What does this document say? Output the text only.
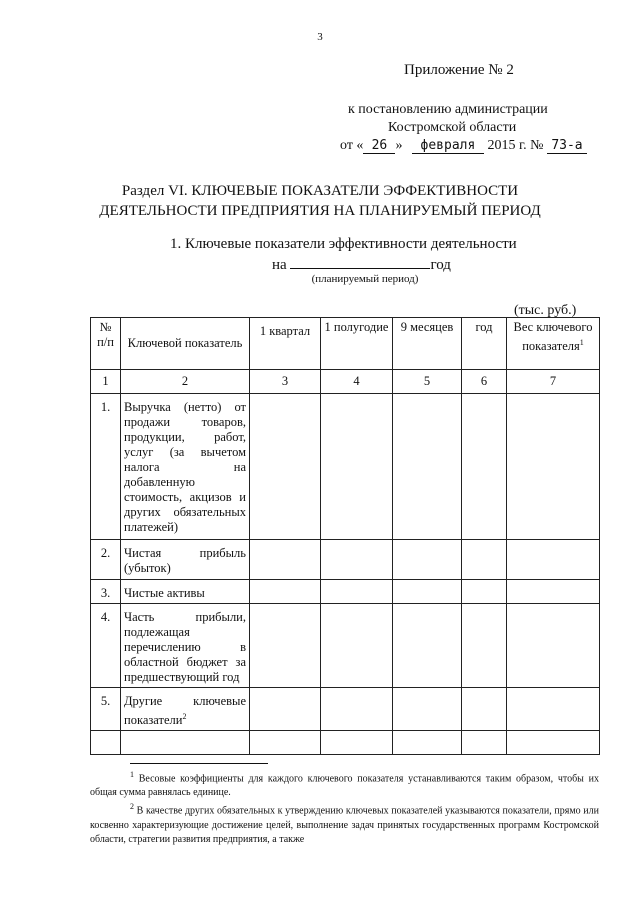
3
Приложение № 2
к постановлению администрации
Костромской области
от « 26 » февраля 2015 г. № 73-а
Раздел VI. КЛЮЧЕВЫЕ ПОКАЗАТЕЛИ ЭФФЕКТИВНОСТИ
ДЕЯТЕЛЬНОСТИ ПРЕДПРИЯТИЯ НА ПЛАНИРУЕМЫЙ ПЕРИОД
1. Ключевые показатели эффективности деятельности
на	год
(планируемый период)
(тыс. руб.)
№ п/п	Ключевой показатель	1 квартал	1 полугодие	9 месяцев	год	Вес ключевого показателя$^1$
1	2	3	4	5	6	7
1.	Выручка (нетто) от продажи товаров, продукции, работ, услуг (за вычетом налога на добавленную стоимость, акцизов и других обязательных платежей)					
2.	Чистая прибыль (убыток)					
3.	Чистые активы					
4.	Часть прибыли, подлежащая перечислению в областной бюджет за предшествующий год					
5.	Другие ключевые показатели$^2$					

$^1$ Весовые коэффициенты для каждого ключевого показателя устанавливаются таким образом, чтобы их общая сумма равнялась единице.

$^2$ В качестве других обязательных к утверждению ключевых показателей указываются показатели, прямо или косвенно характеризующие достижение целей, выполнение задач принятых государственных программ Костромской области, стратегии развития предприятия, а также
